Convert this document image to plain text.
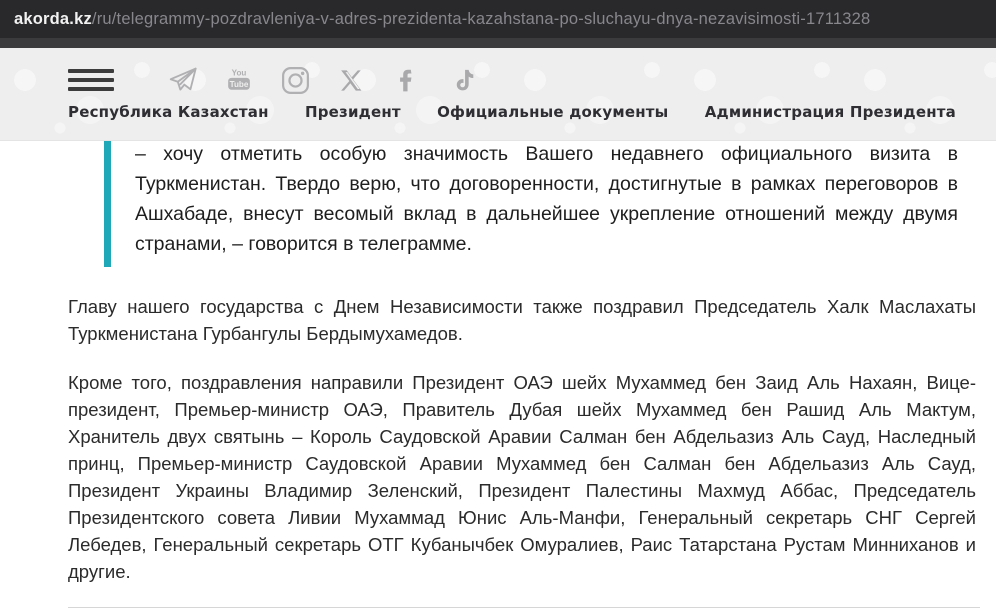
akorda.kz /ru/telegrammy-pozdravleniya-v-adres-prezidenta-kazahstana-po-sluchayu-dnya-nezavisimosti-1711328
You
Tube
Республика Казахстан Президент Официальные документы Администрация Президента
– хочу отметить особую значимость Вашего недавнего официального визита в Туркменистан. Твердо верю, что договоренности, достигнутые в рамках переговоров в Ашхабаде, внесут весомый вклад в дальнейшее укрепление отношений между двумя странами, – говорится в телеграмме.

Главу нашего государства с Днем Независимости также поздравил Председатель Халк Маслахаты Туркменистана Гурбангулы Бердымухамедов.

Кроме того, поздравления направили Президент ОАЭ шейх Мухаммед бен Заид Аль Нахаян, Вице-президент, Премьер-министр ОАЭ, Правитель Дубая шейх Мухаммед бен Рашид Аль Мактум, Хранитель двух святынь – Король Саудовской Аравии Салман бен Абдельазиз Аль Сауд, Наследный принц, Премьер-министр Саудовской Аравии Мухаммед бен Салман бен Абдельазиз Аль Сауд, Президент Украины Владимир Зеленский, Президент Палестины Махмуд Аббас, Председатель Президентского совета Ливии Мухаммад Юнис Аль-Манфи, Генеральный секретарь СНГ Сергей Лебедев, Генеральный секретарь ОТГ Кубанычбек Омуралиев, Раис Татарстана Рустам Минниханов и другие.
